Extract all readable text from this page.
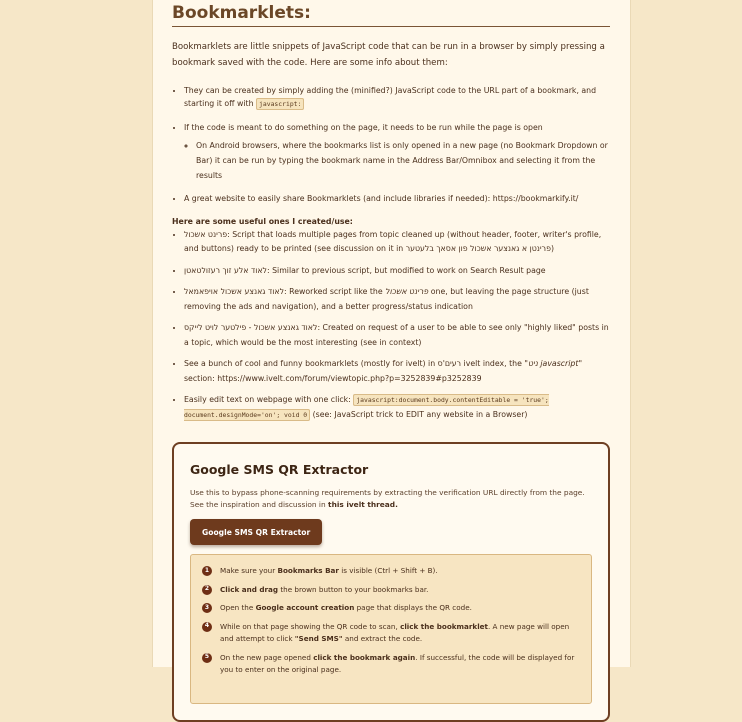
Bookmarklets:

Bookmarklets are little snippets of JavaScript code that can be run in a browser by simply pressing a bookmark saved with the code. Here are some info about them:

• They can be created by simply adding the (minified?) JavaScript code to the URL part of a bookmark, and starting it off with javascript:
• If the code is meant to do something on the page, it needs to be run while the page is open
◦ On Android browsers, where the bookmarks list is only opened in a new page (no Bookmark Dropdown or Bar) it can be run by typing the bookmark name in the Address Bar/Omnibox and selecting it from the results
• A great website to easily share Bookmarklets (and include libraries if needed): https://bookmarkify.it/
Here are some useful ones I created/use:
• פרינט אשכול: Script that loads multiple pages from topic cleaned up (without header, footer, writer's profile, and buttons) ready to be printed (see discussion on it in פרינטן א גאנצער אשכול פון אסאך בלעטער)
• לאוד אלע זוך רעזולטאטן: Similar to previous script, but modified to work on Search Result page
• לאוד גאנצע אשכול אויפאמאל: Reworked script like the פרינט אשכול one, but leaving the page structure (just removing the ads and navigation), and a better progress/status indication
• לאוד גאנצע אשכול - פילטער לויט לייקס: Created on request of a user to be able to see only "highly liked" posts in a topic, which would be the most interesting (see in context)
• See a bunch of cool and funny bookmarklets (mostly for ivelt) in רעים'ס ivelt index, the "ניט javascript" section: https://www.ivelt.com/forum/viewtopic.php?p=3252839#p3252839
• Easily edit text on webpage with one click: javascript:document.body.contentEditable = 'true'; document.designMode='on'; void 0 (see: JavaScript trick to EDIT any website in a Browser)
Google SMS QR Extractor

Use this to bypass phone-scanning requirements by extracting the verification URL directly from the page. See the inspiration and discussion in this ivelt thread.

Google SMS QR Extractor
1	Make sure your Bookmarks Bar is visible (Ctrl + Shift + B).
2	Click and drag the brown button to your bookmarks bar.
3	Open the Google account creation page that displays the QR code.
4	While on that page showing the QR code to scan, click the bookmarklet. A new page will open and attempt to click "Send SMS" and extract the code.
5	On the new page opened click the bookmark again. If successful, the code will be displayed for you to enter on the original page.
